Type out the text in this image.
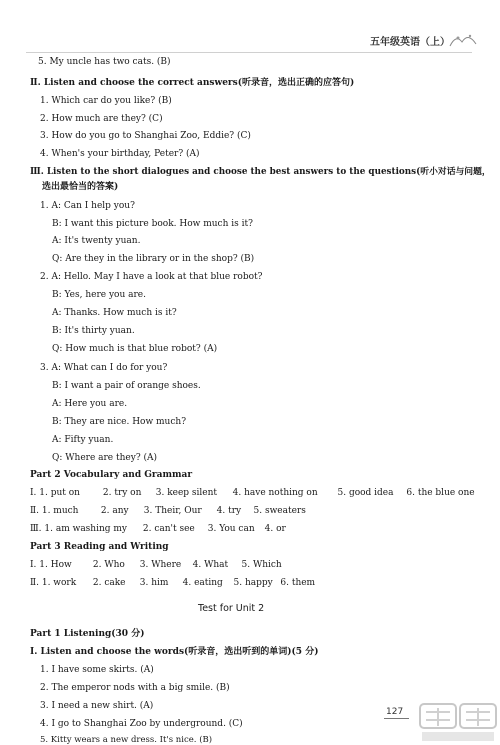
五年级英语（上）
5. My uncle has two cats. (B)
Ⅱ. Listen and choose the correct answers(听录音，选出正确的应答句)
1. Which car do you like? (B)
2. How much are they? (C)
3. How do you go to Shanghai Zoo, Eddie? (C)
4. When's your birthday, Peter? (A)
Ⅲ. Listen to the short dialogues and choose the best answers to the questions(听小对话与问题，
选出最恰当的答案)
1. A: Can I help you?
B: I want this picture book. How much is it?
A: It's twenty yuan.
Q: Are they in the library or in the shop? (B)
2. A: Hello. May I have a look at that blue robot?
B: Yes, here you are.
A: Thanks. How much is it?
B: It's thirty yuan.
Q: How much is that blue robot? (A)
3. A: What can I do for you?
B: I want a pair of orange shoes.
A: Here you are.
B: They are nice. How much?
A: Fifty yuan.
Q: Where are they? (A)
Part 2 Vocabulary and Grammar
Ⅰ. 1. put on	2. try on 3. keep silent 4. have nothing on 5. good idea 6. the blue one
Ⅱ. 1. much 2. any 3. Their, Our 4. try 5. sweaters
Ⅲ. 1. am washing my 2. can't see 3. You can 4. or
Part 3 Reading and Writing
Ⅰ. 1. How 2. Who 3. Where 4. What 5. Which
Ⅱ. 1. work 2. cake 3. him 4. eating 5. happy 6. them
Test for Unit 2
Part 1 Listening(30 分)
Ⅰ. Listen and choose the words(听录音，选出听到的单词)(5 分)
1. I have some skirts. (A)
2. The emperor nods with a big smile. (B)
3. I need a new shirt. (A)
4. I go to Shanghai Zoo by underground. (C)
5. Kitty wears a new dress. It's nice. (B)
127
